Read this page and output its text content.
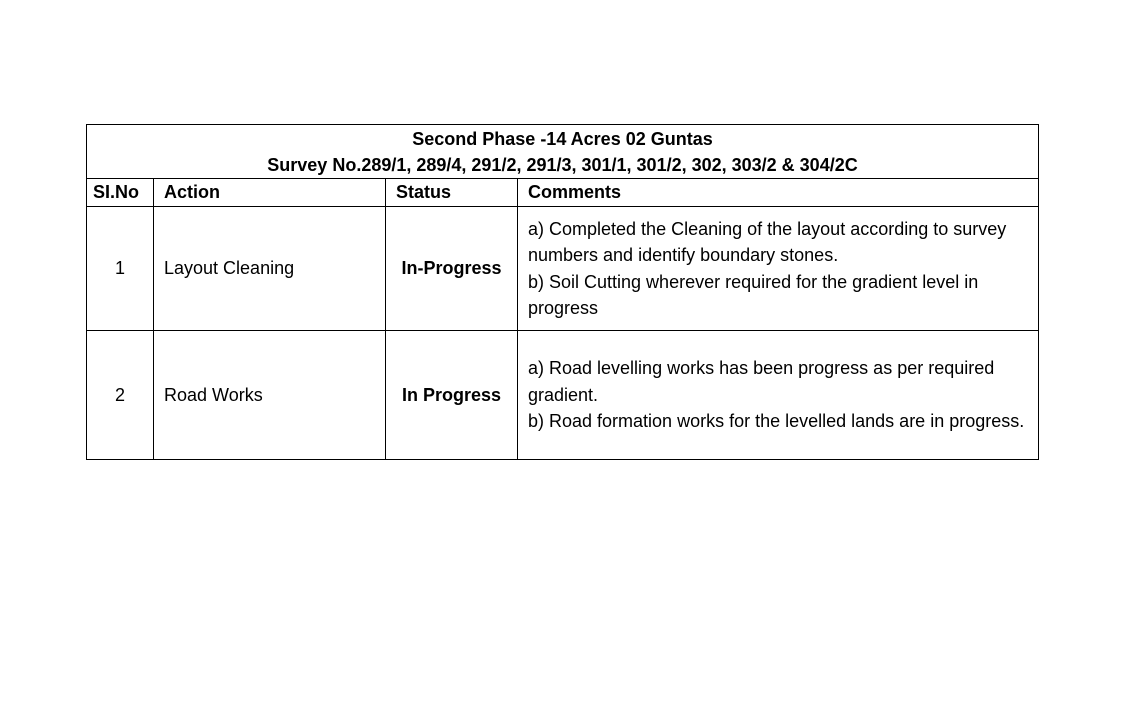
Second Phase -14 Acres 02 Guntas
Survey No.289/1, 289/4, 291/2, 291/3, 301/1, 301/2, 302, 303/2 & 304/2C			

SI.No	Action	Status	Comments
1	Layout Cleaning	In-Progress	a) Completed the Cleaning of the layout according to survey numbers and identify boundary stones.
b) Soil Cutting wherever required for the gradient level in progress

2	Road Works	In Progress	a) Road levelling works has been progress as per required gradient.
b) Road formation works for the levelled lands are in progress.
